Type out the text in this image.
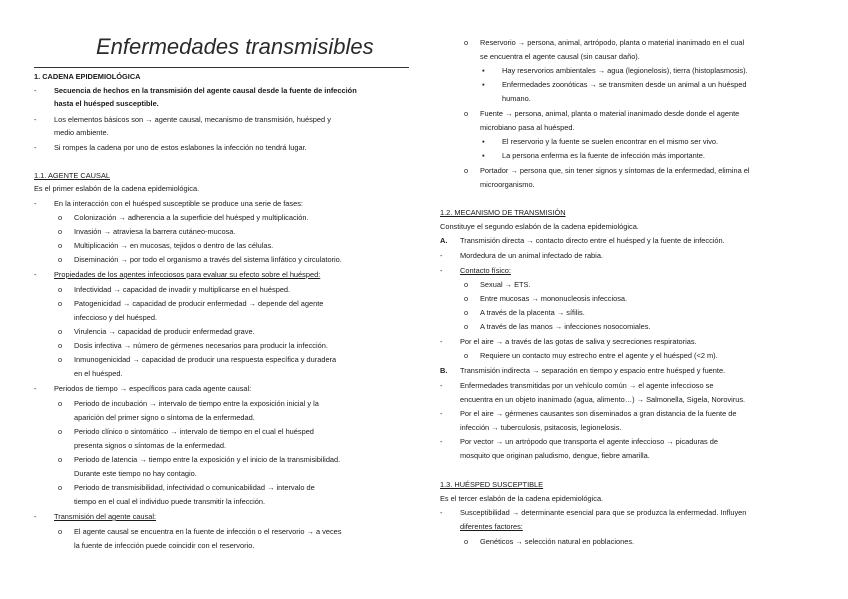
Enfermedades transmisibles
1. CADENA EPIDEMIOLÓGICA
- Secuencia de hechos en la transmisión del agente causal desde la fuente de infección
hasta el huésped susceptible.
- Los elementos básicos son → agente causal, mecanismo de transmisión, huésped y
medio ambiente.
- Si rompes la cadena por uno de estos eslabones la infección no tendrá lugar.
1.1. AGENTE CAUSAL
Es el primer eslabón de la cadena epidemiológica.
- En la interacción con el huésped susceptible se produce una serie de fases:
o Colonización → adherencia a la superficie del huésped y multiplicación.
o Invasión → atraviesa la barrera cutáneo-mucosa.
o Multiplicación → en mucosas, tejidos o dentro de las células.
o Diseminación → por todo el organismo a través del sistema linfático y circulatorio.
- Propiedades de los agentes infecciosos para evaluar su efecto sobre el huésped:
o Infectividad → capacidad de invadir y multiplicarse en el huésped.
o Patogenicidad → capacidad de producir enfermedad → depende del agente
infeccioso y del huésped.
o Virulencia → capacidad de producir enfermedad grave.
o Dosis infectiva → número de gérmenes necesarios para producir la infección.
o Inmunogenicidad → capacidad de producir una respuesta específica y duradera
en el huésped.
- Periodos de tiempo → específicos para cada agente causal:
o Periodo de incubación → intervalo de tiempo entre la exposición inicial y la
aparición del primer signo o síntoma de la enfermedad.
o Periodo clínico o sintomático → intervalo de tiempo en el cual el huésped
presenta signos o síntomas de la enfermedad.
o Periodo de latencia → tiempo entre la exposición y el inicio de la transmisibilidad.
Durante este tiempo no hay contagio.
o Periodo de transmisibilidad, infectividad o comunicabilidad → intervalo de
tiempo en el cual el individuo puede transmitir la infección.
- Transmisión del agente causal:
o El agente causal se encuentra en la fuente de infección o el reservorio → a veces
la fuente de infección puede coincidir con el reservorio.
o Reservorio → persona, animal, artrópodo, planta o material inanimado en el cual
se encuentra el agente causal (sin causar daño).
▪ Hay reservorios ambientales → agua (legionelosis), tierra (histoplasmosis).
▪ Enfermedades zoonóticas → se transmiten desde un animal a un huésped
humano.
o Fuente → persona, animal, planta o material inanimado desde donde el agente
microbiano pasa al huésped.
▪ El reservorio y la fuente se suelen encontrar en el mismo ser vivo.
▪ La persona enferma es la fuente de infección más importante.
o Portador → persona que, sin tener signos y síntomas de la enfermedad, elimina el
microorganismo.
1.2. MECANISMO DE TRANSMISIÓN
Constituye el segundo eslabón de la cadena epidemiológica.
A. Transmisión directa → contacto directo entre el huésped y la fuente de infección.
- Mordedura de un animal infectado de rabia.
- Contacto físico:
o Sexual → ETS.
o Entre mucosas → mononucleosis infecciosa.
o A través de la placenta → sífilis.
o A través de las manos → infecciones nosocomiales.
- Por el aire → a través de las gotas de saliva y secreciones respiratorias.
o Requiere un contacto muy estrecho entre el agente y el huésped (<2 m).
B. Transmisión indirecta → separación en tiempo y espacio entre huésped y fuente.
- Enfermedades transmitidas por un vehículo común → el agente infeccioso se
encuentra en un objeto inanimado (agua, alimento…) → Salmonella, Sigela, Norovirus.
- Por el aire → gérmenes causantes son diseminados a gran distancia de la fuente de
infección → tuberculosis, psitacosis, legionelosis.
- Por vector → un artrópodo que transporta el agente infeccioso → picaduras de
mosquito que originan paludismo, dengue, fiebre amarilla.
1.3. HUÉSPED SUSCEPTIBLE
Es el tercer eslabón de la cadena epidemiológica.
- Susceptibilidad → determinante esencial para que se produzca la enfermedad. Influyen
diferentes factores:
o Genéticos → selección natural en poblaciones.
